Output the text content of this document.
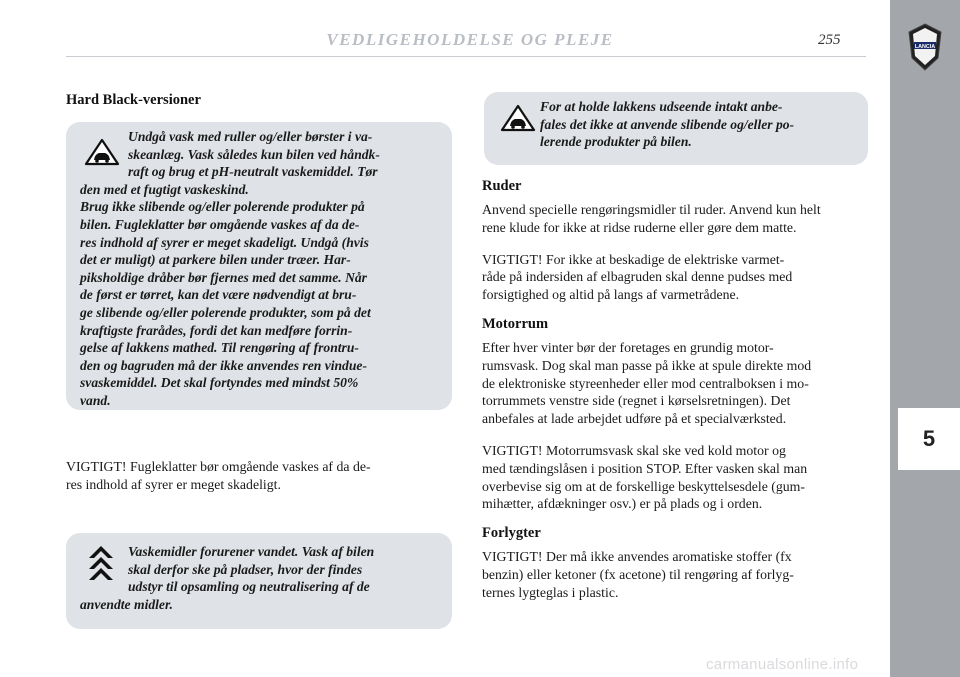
VEDLIGEHOLDELSE OG PLEJE	255	LANCIA
5

Hard Black-versioner

Undgå vask med ruller og/eller børster i va-
skeanlæg. Vask således kun bilen ved håndk-
raft og brug et pH-neutralt vaskemiddel. Tør
den med et fugtigt vaskeskind.
Brug ikke slibende og/eller polerende produkter på
bilen. Fugleklatter bør omgående vaskes af da de-
res indhold af syrer er meget skadeligt. Undgå (hvis
det er muligt) at parkere bilen under træer. Har-
piksholdige dråber bør fjernes med det samme. Når
de først er tørret, kan det være nødvendigt at bru-
ge slibende og/eller polerende produkter, som på det
kraftigste frarådes, fordi det kan medføre forrin-
gelse af lakkens mathed. Til rengøring af frontru-
den og bagruden må der ikke anvendes ren vindue-
svaskemiddel. Det skal fortyndes med mindst 50%
vand.
VIGTIGT! Fugleklatter bør omgående vaskes af da de-
res indhold af syrer er meget skadeligt.
Vaskemidler forurener vandet. Vask af bilen
skal derfor ske på pladser, hvor der findes
udstyr til opsamling og neutralisering af de
anvendte midler.
For at holde lakkens udseende intakt anbe-
fales det ikke at anvende slibende og/eller po-
lerende produkter på bilen.
Ruder
Anvend specielle rengøringsmidler til ruder. Anvend kun helt
rene klude for ikke at ridse ruderne eller gøre dem matte.
VIGTIGT! For ikke at beskadige de elektriske varmet-
råde på indersiden af elbagruden skal denne pudses med
forsigtighed og altid på langs af varmetrådene.
Motorrum
Efter hver vinter bør der foretages en grundig motor-
rumsvask. Dog skal man passe på ikke at spule direkte mod
de elektroniske styreenheder eller mod centralboksen i mo-
torrummets venstre side (regnet i kørselsretningen). Det
anbefales at lade arbejdet udføre på et specialværksted.
VIGTIGT! Motorrumsvask skal ske ved kold motor og
med tændingslåsen i position STOP. Efter vasken skal man
overbevise sig om at de forskellige beskyttelsesdele (gum-
mihætter, afdækninger osv.) er på plads og i orden.
Forlygter
VIGTIGT! Der må ikke anvendes aromatiske stoffer (fx
benzin) eller ketoner (fx acetone) til rengøring af forlyg-
ternes lygteglas i plastic.
carmanualsonline.info
